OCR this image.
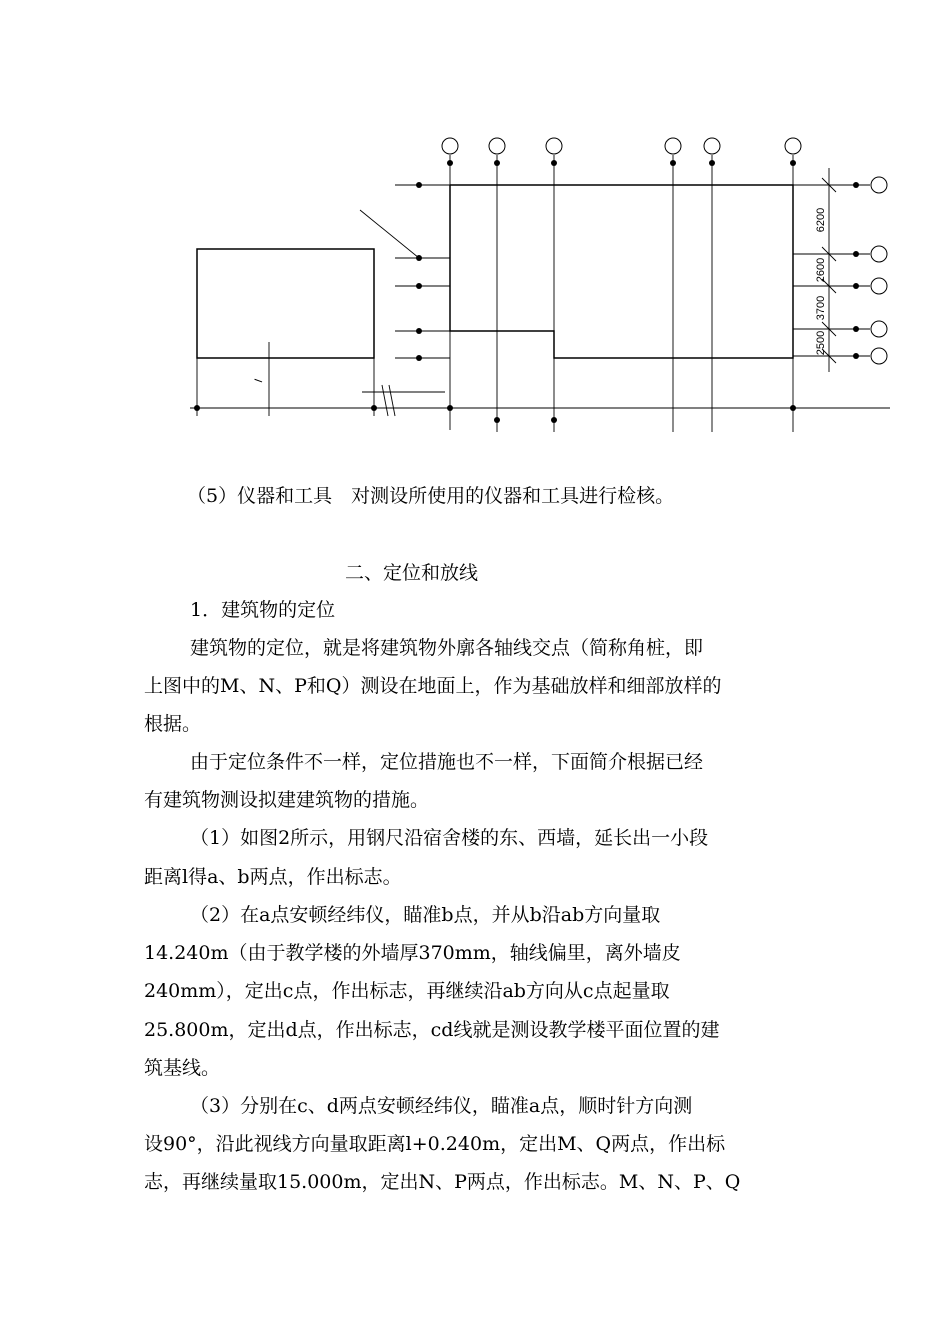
6200
2600
3700
2500
l
（5）仪器和工具　对测设所使用的仪器和工具进行检核。
二、定位和放线
1．建筑物的定位
建筑物的定位，就是将建筑物外廓各轴线交点（简称角桩，即
上图中的M、N、P和Q）测设在地面上，作为基础放样和细部放样的
根据。
由于定位条件不一样，定位措施也不一样，下面简介根据已经
有建筑物测设拟建建筑物的措施。
（1）如图2所示，用钢尺沿宿舍楼的东、西墙，延长出一小段
距离l得a、b两点，作出标志。
（2）在a点安顿经纬仪，瞄准b点，并从b沿ab方向量取
14.240m（由于教学楼的外墙厚370mm，轴线偏里，离外墙皮
240mm），定出c点，作出标志，再继续沿ab方向从c点起量取
25.800m，定出d点，作出标志，cd线就是测设教学楼平面位置的建
筑基线。
（3）分别在c、d两点安顿经纬仪，瞄准a点，顺时针方向测
设90°，沿此视线方向量取距离l+0.240m，定出M、Q两点，作出标
志，再继续量取15.000m，定出N、P两点，作出标志。M、N、P、Q
